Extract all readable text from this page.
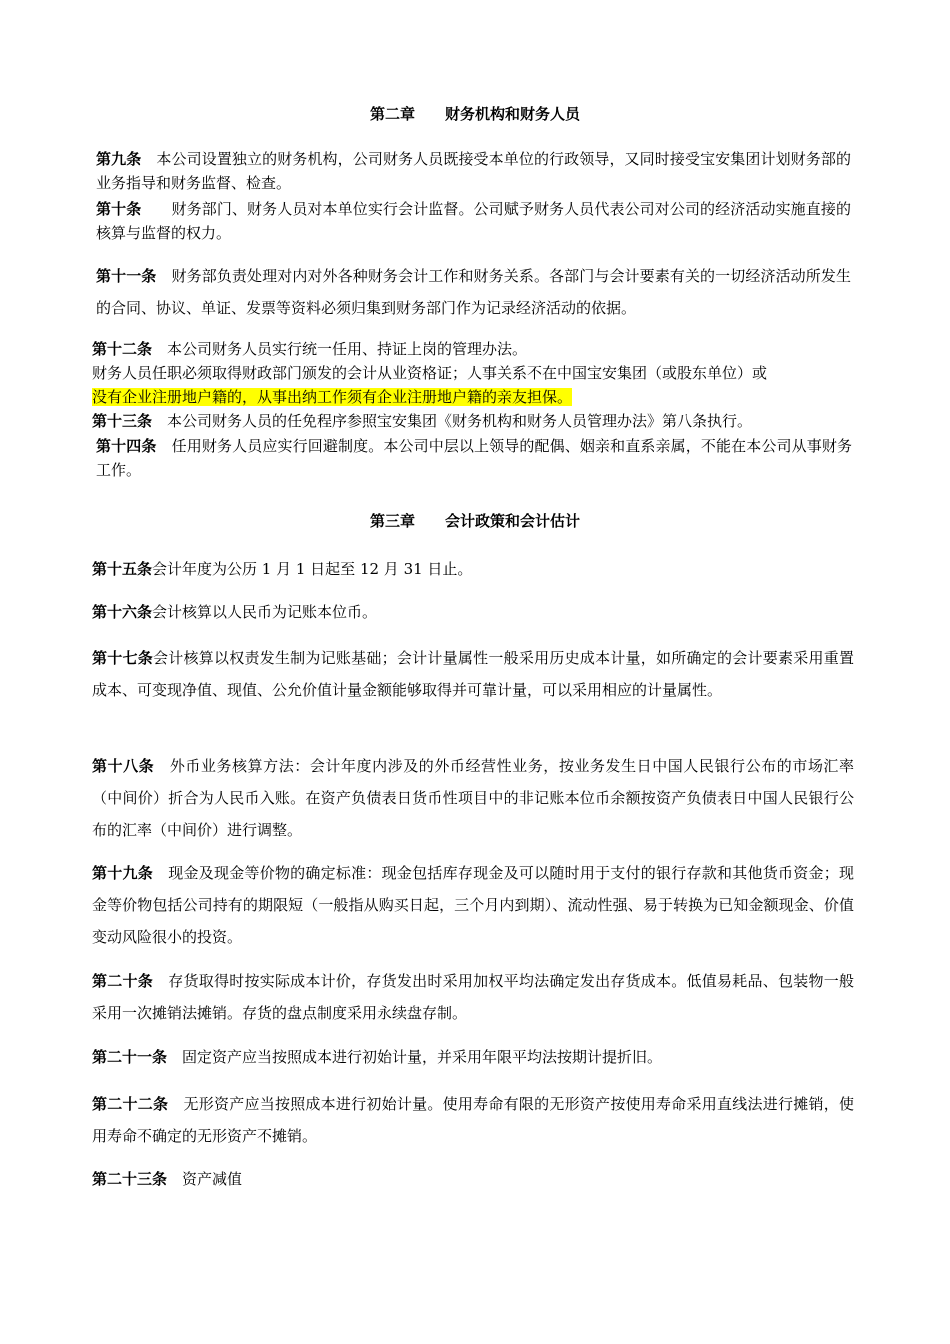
第二章　　财务机构和财务人员
第九条　 本公司设置独立的财务机构，公司财务人员既接受本单位的行政领导，又同时接受宝安集团计划财务部的业务指导和财务监督、检查。
第十条　　 财务部门、财务人员对本单位实行会计监督。公司赋予财务人员代表公司对公司的经济活动实施直接的核算与监督的权力。
第十一条　 财务部负责处理对内对外各种财务会计工作和财务关系。各部门与会计要素有关的一切经济活动所发生的合同、协议、单证、发票等资料必须归集到财务部门作为记录经济活动的依据。
第十二条　 本公司财务人员实行统一任用、持证上岗的管理办法。
财务人员任职必须取得财政部门颁发的会计从业资格证；人事关系不在中国宝安集团（或股东单位）或
没有企业注册地户籍的，从事出纳工作须有企业注册地户籍的亲友担保。
第十三条　 本公司财务人员的任免程序参照宝安集团《财务机构和财务人员管理办法》第八条执行。
第十四条　 任用财务人员应实行回避制度。本公司中层以上领导的配偶、姻亲和直系亲属，不能在本公司从事财务工作。
第三章　　会计政策和会计估计
第十五条会计年度为公历 1 月 1 日起至 12 月 31 日止。
第十六条会计核算以人民币为记账本位币。
第十七条会计核算以权责发生制为记账基础；会计计量属性一般采用历史成本计量，如所确定的会计要素采用重置成本、可变现净值、现值、公允价值计量金额能够取得并可靠计量，可以采用相应的计量属性。
第十八条　 外币业务核算方法：会计年度内涉及的外币经营性业务，按业务发生日中国人民银行公布的市场汇率（中间价）折合为人民币入账。在资产负债表日货币性项目中的非记账本位币余额按资产负债表日中国人民银行公布的汇率（中间价）进行调整。
第十九条　 现金及现金等价物的确定标准：现金包括库存现金及可以随时用于支付的银行存款和其他货币资金；现金等价物包括公司持有的期限短（一般指从购买日起，三个月内到期）、流动性强、易于转换为已知金额现金、价值变动风险很小的投资。
第二十条　 存货取得时按实际成本计价，存货发出时采用加权平均法确定发出存货成本。低值易耗品、包装物一般采用一次摊销法摊销。存货的盘点制度采用永续盘存制。
第二十一条　 固定资产应当按照成本进行初始计量，并采用年限平均法按期计提折旧。
第二十二条　 无形资产应当按照成本进行初始计量。使用寿命有限的无形资产按使用寿命采用直线法进行摊销，使用寿命不确定的无形资产不摊销。
第二十三条　 资产减值
